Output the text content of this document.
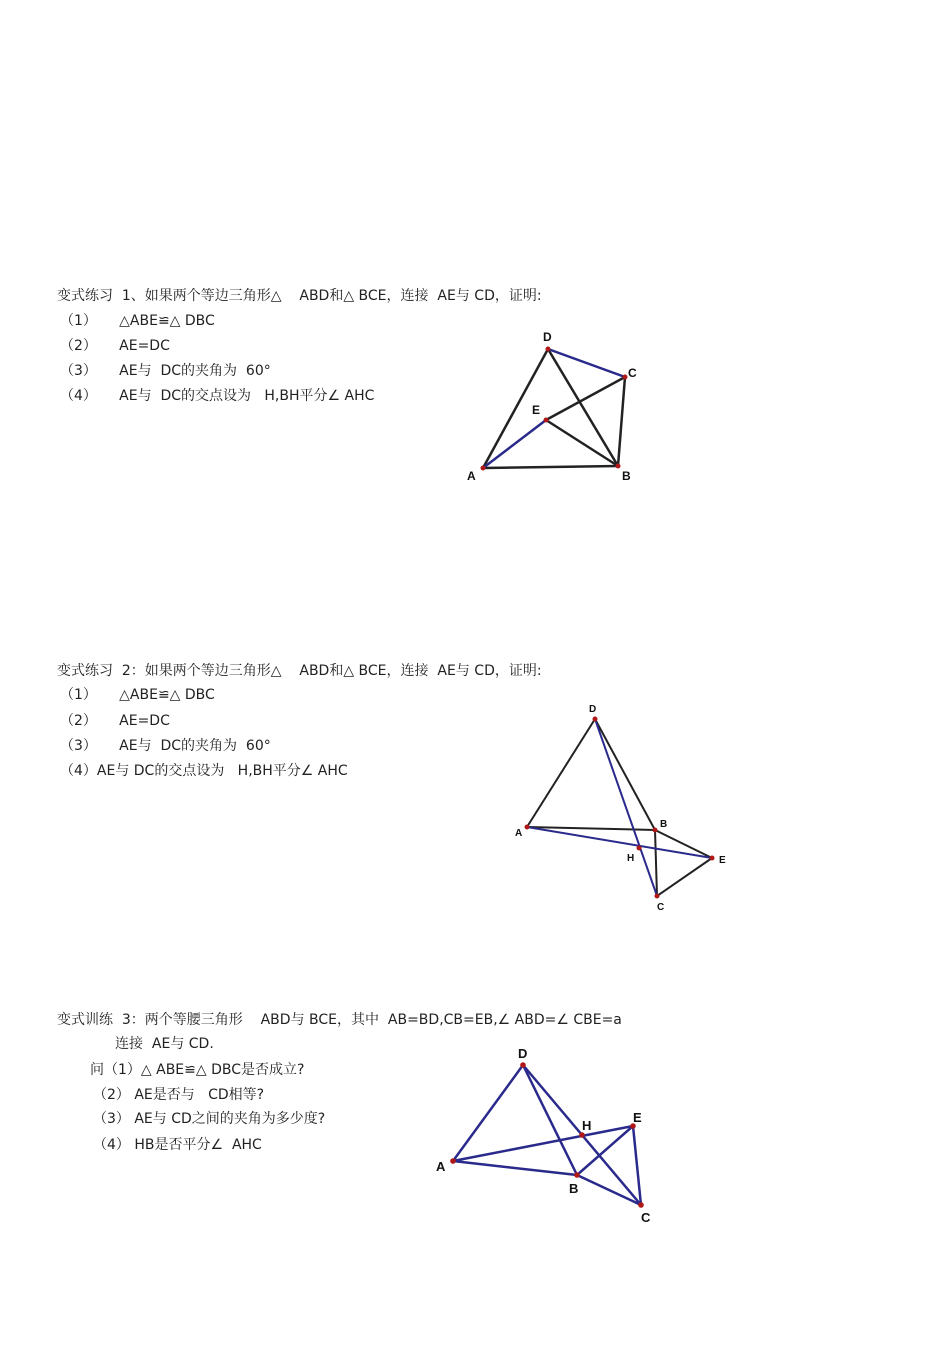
变式练习  1、如果两个等边三角形△    ABD和△ BCE，连接  AE与 CD，证明:
（1）     △ABE≌△ DBC
（2）     AE=DC
（3）     AE与  DC的夹角为  60°
（4）     AE与  DC的交点设为   H,BH平分∠ AHC
D
C
E
A	B
变式练习  2：如果两个等边三角形△    ABD和△ BCE，连接  AE与 CD，证明:
（1）     △ABE≌△ DBC
（2）     AE=DC
（3）     AE与  DC的夹角为  60°
（4）AE与 DC的交点设为   H,BH平分∠ AHC
D
B
A
H	E
C
变式训练  3：两个等腰三角形    ABD与 BCE，其中  AB=BD,CB=EB,∠ ABD=∠ CBE=a
连接  AE与 CD.
问（1）△ ABE≌△ DBC是否成立?
（2） AE是否与   CD相等?
（3） AE与 CD之间的夹角为多少度?
（4） HB是否平分∠  AHC
D
H
E
A
B
C
